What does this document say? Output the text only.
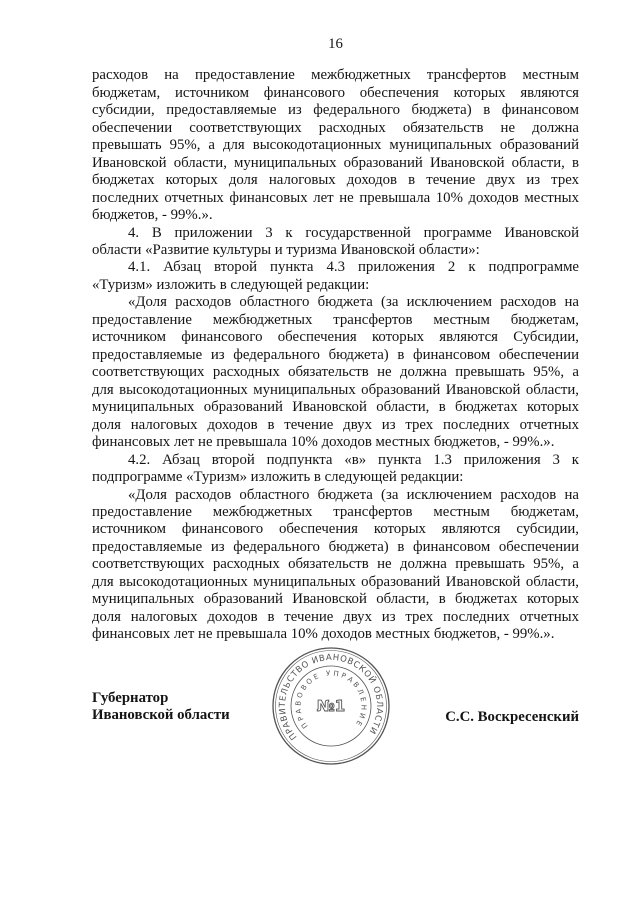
16
расходов на предоставление межбюджетных трансфертов местным
бюджетам, источником финансового обеспечения которых являются
субсидии, предоставляемые из федерального бюджета) в финансовом
обеспечении соответствующих расходных обязательств не должна
превышать 95%, а для высокодотационных муниципальных образований
Ивановской области, муниципальных образований Ивановской области, в
бюджетах которых доля налоговых доходов в течение двух из трех
последних отчетных финансовых лет не превышала 10% доходов местных
бюджетов, - 99%.».
4. В приложении 3 к государственной программе Ивановской
области «Развитие культуры и туризма Ивановской области»:
4.1. Абзац второй пункта 4.3 приложения 2 к подпрограмме
«Туризм» изложить в следующей редакции:
«Доля расходов областного бюджета (за исключением расходов на
предоставление межбюджетных трансфертов местным бюджетам,
источником финансового обеспечения которых являются Субсидии,
предоставляемые из федерального бюджета) в финансовом обеспечении
соответствующих расходных обязательств не должна превышать 95%, а
для высокодотационных муниципальных образований Ивановской области,
муниципальных образований Ивановской области, в бюджетах которых
доля налоговых доходов в течение двух из трех последних отчетных
финансовых лет не превышала 10% доходов местных бюджетов, - 99%.».
4.2. Абзац второй подпункта «в» пункта 1.3 приложения 3 к
подпрограмме «Туризм» изложить в следующей редакции:
«Доля расходов областного бюджета (за исключением расходов на
предоставление межбюджетных трансфертов местным бюджетам,
источником финансового обеспечения которых являются субсидии,
предоставляемые из федерального бюджета) в финансовом обеспечении
соответствующих расходных обязательств не должна превышать 95%, а
для высокодотационных муниципальных образований Ивановской области,
муниципальных образований Ивановской области, в бюджетах которых
доля налоговых доходов в течение двух из трех последних отчетных
финансовых лет не превышала 10% доходов местных бюджетов, - 99%.».
Губернатор
Ивановской области
ПРАВИТЕЛЬСТВО ИВАНОВСКОЙ ОБЛАСТИ
ПРАВОВОЕ УПРАВЛЕНИЕ
№1
С.С. Воскресенский
